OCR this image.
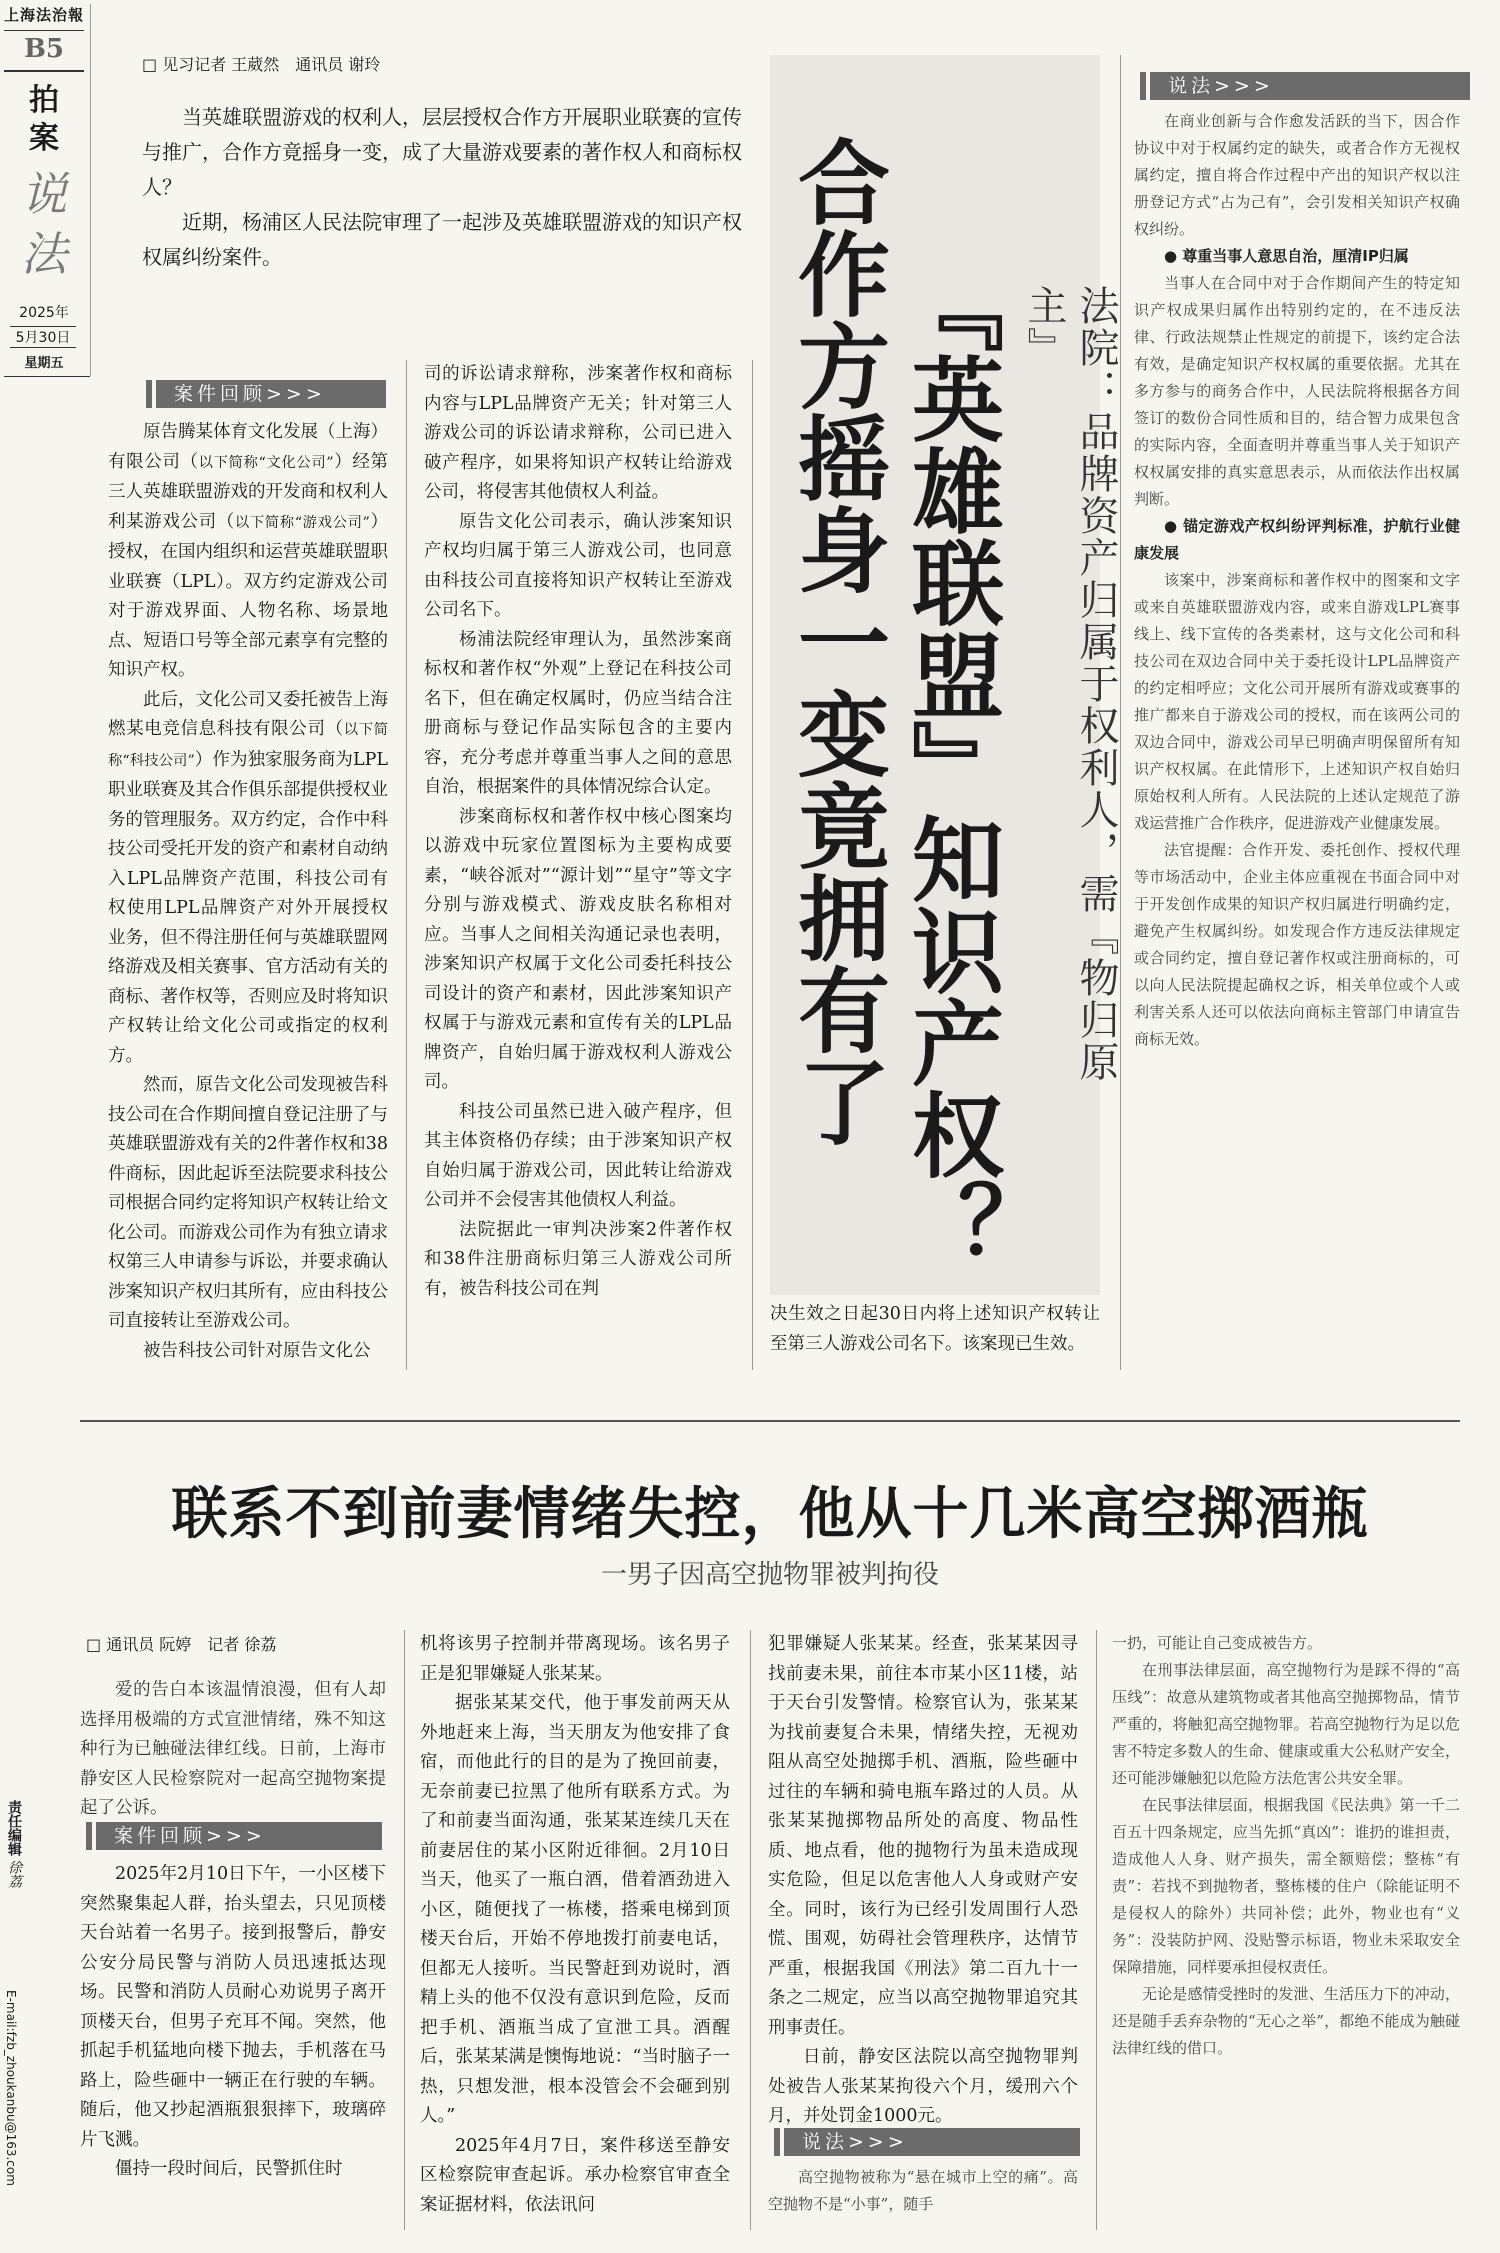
上海法治報
B5
拍
案
说
法
2025年
5月30日
星期五
□ 见习记者 王葳然　通讯员 谢玲

当英雄联盟游戏的权利人，层层授权合作方开展职业联赛的宣传与推广，合作方竟摇身一变，成了大量游戏要素的著作权人和商标权人？

近期，杨浦区人民法院审理了一起涉及英雄联盟游戏的知识产权权属纠纷案件。

法院：品牌资产归属于权利人，需『物归原主』
『英雄联盟』知识产权？
合作方摇身一变竟拥有了
案件回顾>>>

原告腾某体育文化发展（上海）有限公司（以下简称“文化公司”）经第三人英雄联盟游戏的开发商和权利人利某游戏公司（以下简称“游戏公司”）授权，在国内组织和运营英雄联盟职业联赛（LPL）。双方约定游戏公司对于游戏界面、人物名称、场景地点、短语口号等全部元素享有完整的知识产权。

此后，文化公司又委托被告上海燃某电竞信息科技有限公司（以下简称“科技公司”）作为独家服务商为LPL职业联赛及其合作俱乐部提供授权业务的管理服务。双方约定，合作中科技公司受托开发的资产和素材自动纳入LPL品牌资产范围，科技公司有权使用LPL品牌资产对外开展授权业务，但不得注册任何与英雄联盟网络游戏及相关赛事、官方活动有关的商标、著作权等，否则应及时将知识产权转让给文化公司或指定的权利方。

然而，原告文化公司发现被告科技公司在合作期间擅自登记注册了与英雄联盟游戏有关的2件著作权和38件商标，因此起诉至法院要求科技公司根据合同约定将知识产权转让给文化公司。而游戏公司作为有独立请求权第三人申请参与诉讼，并要求确认涉案知识产权归其所有，应由科技公司直接转让至游戏公司。

被告科技公司针对原告文化公

司的诉讼请求辩称，涉案著作权和商标内容与LPL品牌资产无关；针对第三人游戏公司的诉讼请求辩称，公司已进入破产程序，如果将知识产权转让给游戏公司，将侵害其他债权人利益。

原告文化公司表示，确认涉案知识产权均归属于第三人游戏公司，也同意由科技公司直接将知识产权转让至游戏公司名下。

杨浦法院经审理认为，虽然涉案商标权和著作权“外观”上登记在科技公司名下，但在确定权属时，仍应当结合注册商标与登记作品实际包含的主要内容，充分考虑并尊重当事人之间的意思自治，根据案件的具体情况综合认定。

涉案商标权和著作权中核心图案均以游戏中玩家位置图标为主要构成要素，“峡谷派对”“源计划”“星守”等文字分别与游戏模式、游戏皮肤名称相对应。当事人之间相关沟通记录也表明，涉案知识产权属于文化公司委托科技公司设计的资产和素材，因此涉案知识产权属于与游戏元素和宣传有关的LPL品牌资产，自始归属于游戏权利人游戏公司。

科技公司虽然已进入破产程序，但其主体资格仍存续；由于涉案知识产权自始归属于游戏公司，因此转让给游戏公司并不会侵害其他债权人利益。

法院据此一审判决涉案2件著作权和38件注册商标归第三人游戏公司所有，被告科技公司在判

决生效之日起30日内将上述知识产权转让至第三人游戏公司名下。该案现已生效。

说法>>>

在商业创新与合作愈发活跃的当下，因合作协议中对于权属约定的缺失，或者合作方无视权属约定，擅自将合作过程中产出的知识产权以注册登记方式“占为己有”，会引发相关知识产权确权纠纷。

● 尊重当事人意思自治，厘清IP归属

当事人在合同中对于合作期间产生的特定知识产权成果归属作出特别约定的，在不违反法律、行政法规禁止性规定的前提下，该约定合法有效，是确定知识产权权属的重要依据。尤其在多方参与的商务合作中，人民法院将根据各方间签订的数份合同性质和目的，结合智力成果包含的实际内容，全面查明并尊重当事人关于知识产权权属安排的真实意思表示，从而依法作出权属判断。

● 锚定游戏产权纠纷评判标准，护航行业健康发展

该案中，涉案商标和著作权中的图案和文字或来自英雄联盟游戏内容，或来自游戏LPL赛事线上、线下宣传的各类素材，这与文化公司和科技公司在双边合同中关于委托设计LPL品牌资产的约定相呼应；文化公司开展所有游戏或赛事的推广都来自于游戏公司的授权，而在该两公司的双边合同中，游戏公司早已明确声明保留所有知识产权权属。在此情形下，上述知识产权自始归原始权利人所有。人民法院的上述认定规范了游戏运营推广合作秩序，促进游戏产业健康发展。

法官提醒：合作开发、委托创作、授权代理等市场活动中，企业主体应重视在书面合同中对于开发创作成果的知识产权归属进行明确约定，避免产生权属纠纷。如发现合作方违反法律规定或合同约定，擅自登记著作权或注册商标的，可以向人民法院提起确权之诉，相关单位或个人或利害关系人还可以依法向商标主管部门申请宣告商标无效。

联系不到前妻情绪失控，他从十几米高空掷酒瓶
一男子因高空抛物罪被判拘役
□ 通讯员 阮婷　记者 徐荔

爱的告白本该温情浪漫，但有人却选择用极端的方式宣泄情绪，殊不知这种行为已触碰法律红线。日前，上海市静安区人民检察院对一起高空抛物案提起了公诉。

案件回顾>>>

2025年2月10日下午，一小区楼下突然聚集起人群，抬头望去，只见顶楼天台站着一名男子。接到报警后，静安公安分局民警与消防人员迅速抵达现场。民警和消防人员耐心劝说男子离开顶楼天台，但男子充耳不闻。突然，他抓起手机猛地向楼下抛去，手机落在马路上，险些砸中一辆正在行驶的车辆。随后，他又抄起酒瓶狠狠摔下，玻璃碎片飞溅。

僵持一段时间后，民警抓住时

机将该男子控制并带离现场。该名男子正是犯罪嫌疑人张某某。

据张某某交代，他于事发前两天从外地赶来上海，当天朋友为他安排了食宿，而他此行的目的是为了挽回前妻，无奈前妻已拉黑了他所有联系方式。为了和前妻当面沟通，张某某连续几天在前妻居住的某小区附近徘徊。2月10日当天，他买了一瓶白酒，借着酒劲进入小区，随便找了一栋楼，搭乘电梯到顶楼天台后，开始不停地拨打前妻电话，但都无人接听。当民警赶到劝说时，酒精上头的他不仅没有意识到危险，反而把手机、酒瓶当成了宣泄工具。酒醒后，张某某满是懊悔地说：“当时脑子一热，只想发泄，根本没管会不会砸到别人。”

2025年4月7日，案件移送至静安区检察院审查起诉。承办检察官审查全案证据材料，依法讯问

犯罪嫌疑人张某某。经查，张某某因寻找前妻未果，前往本市某小区11楼，站于天台引发警情。检察官认为，张某某为找前妻复合未果，情绪失控，无视劝阻从高空处抛掷手机、酒瓶，险些砸中过往的车辆和骑电瓶车路过的人员。从张某某抛掷物品所处的高度、物品性质、地点看，他的抛物行为虽未造成现实危险，但足以危害他人人身或财产安全。同时，该行为已经引发周围行人恐慌、围观，妨碍社会管理秩序，达情节严重，根据我国《刑法》第二百九十一条之二规定，应当以高空抛物罪追究其刑事责任。

日前，静安区法院以高空抛物罪判处被告人张某某拘役六个月，缓刑六个月，并处罚金1000元。

说法>>>

高空抛物被称为“悬在城市上空的痛”。高空抛物不是“小事”，随手

一扔，可能让自己变成被告方。

在刑事法律层面，高空抛物行为是踩不得的“高压线”：故意从建筑物或者其他高空抛掷物品，情节严重的，将触犯高空抛物罪。若高空抛物行为足以危害不特定多数人的生命、健康或重大公私财产安全，还可能涉嫌触犯以危险方法危害公共安全罪。

在民事法律层面，根据我国《民法典》第一千二百五十四条规定，应当先抓“真凶”：谁扔的谁担责，造成他人人身、财产损失，需全额赔偿；整栋“有责”：若找不到抛物者，整栋楼的住户（除能证明不是侵权人的除外）共同补偿；此外，物业也有“义务”：没装防护网、没贴警示标语，物业未采取安全保障措施，同样要承担侵权责任。

无论是感情受挫时的发泄、生活压力下的冲动，还是随手丢弃杂物的“无心之举”，都绝不能成为触碰法律红线的借口。

责任编辑徐荔
E-mail:fzb_zhoukanbu@163.com
